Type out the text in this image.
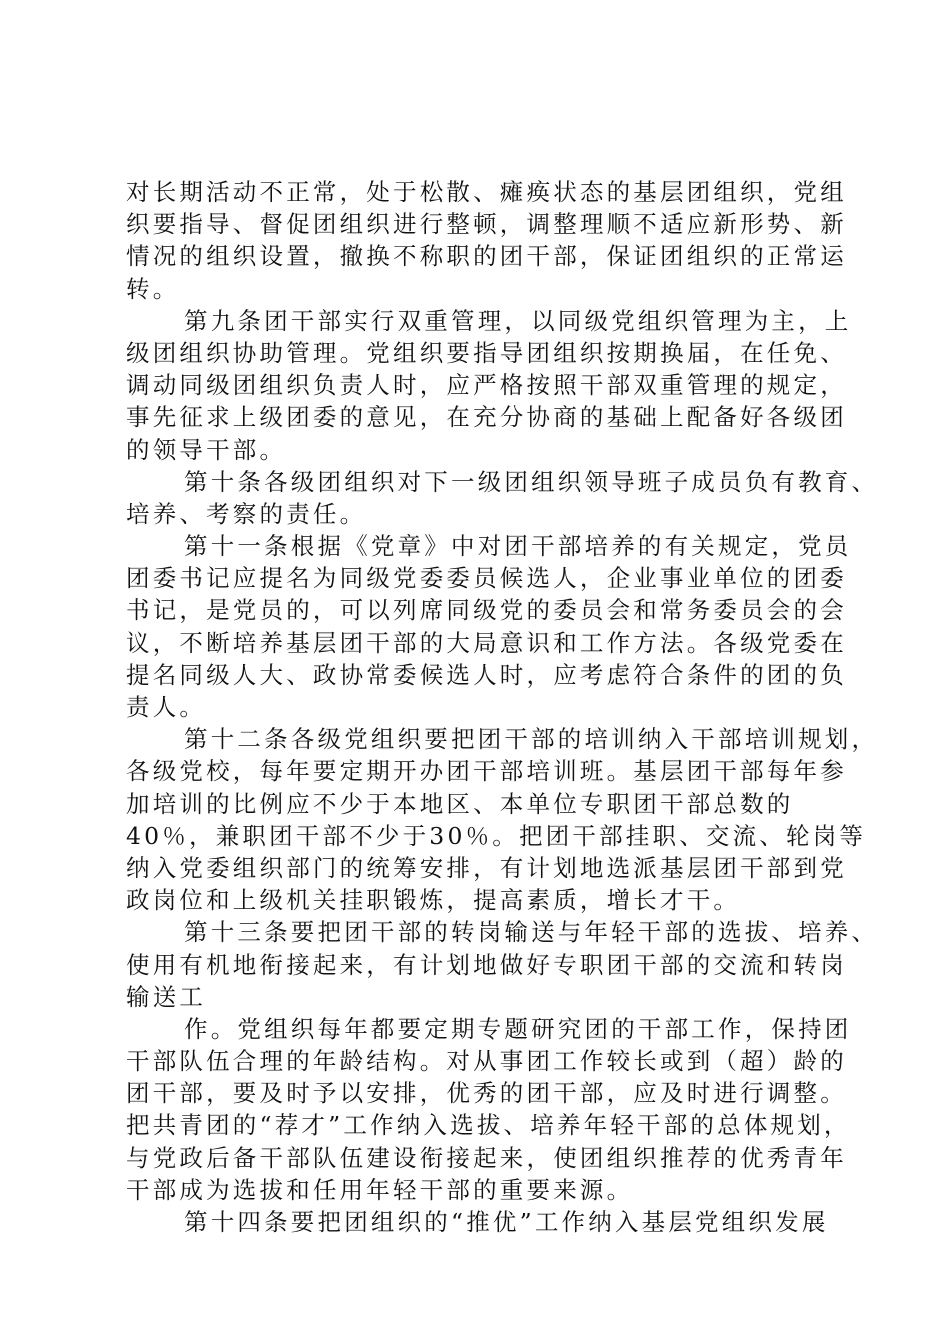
对长期活动不正常，处于松散、瘫痪状态的基层团组织，党组
织要指导、督促团组织进行整顿，调整理顺不适应新形势、新
情况的组织设置，撤换不称职的团干部，保证团组织的正常运
转。
第九条团干部实行双重管理，以同级党组织管理为主，上
级团组织协助管理。党组织要指导团组织按期换届，在任免、
调动同级团组织负责人时，应严格按照干部双重管理的规定，
事先征求上级团委的意见，在充分协商的基础上配备好各级团
的领导干部。
第十条各级团组织对下一级团组织领导班子成员负有教育、
培养、考察的责任。
第十一条根据《党章》中对团干部培养的有关规定，党员
团委书记应提名为同级党委委员候选人，企业事业单位的团委
书记，是党员的，可以列席同级党的委员会和常务委员会的会
议，不断培养基层团干部的大局意识和工作方法。各级党委在
提名同级人大、政协常委候选人时，应考虑符合条件的团的负
责人。
第十二条各级党组织要把团干部的培训纳入干部培训规划，
各级党校，每年要定期开办团干部培训班。基层团干部每年参
加培训的比例应不少于本地区、本单位专职团干部总数的
40％，兼职团干部不少于30％。把团干部挂职、交流、轮岗等
纳入党委组织部门的统筹安排，有计划地选派基层团干部到党
政岗位和上级机关挂职锻炼，提高素质，增长才干。
第十三条要把团干部的转岗输送与年轻干部的选拔、培养、
使用有机地衔接起来，有计划地做好专职团干部的交流和转岗
输送工
作。党组织每年都要定期专题研究团的干部工作，保持团
干部队伍合理的年龄结构。对从事团工作较长或到（超）龄的
团干部，要及时予以安排，优秀的团干部，应及时进行调整。
把共青团的“荐才”工作纳入选拔、培养年轻干部的总体规划，
与党政后备干部队伍建设衔接起来，使团组织推荐的优秀青年
干部成为选拔和任用年轻干部的重要来源。
第十四条要把团组织的“推优”工作纳入基层党组织发展
